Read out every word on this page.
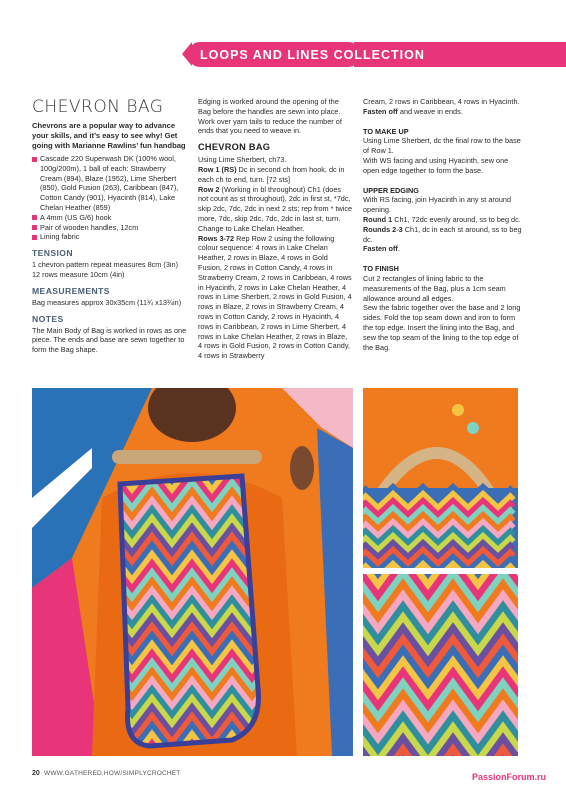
LOOPS AND LINES COLLECTION
CHEVRON BAG

Chevrons are a popular way to advance your skills, and it’s easy to see why! Get going with Marianne Rawlins’ fun handbag

Cascade 220 Superwash DK (100% wool, 100g/200m), 1 ball of each: Strawberry Cream (894), Blaze (1952), Lime Sherbert (850), Gold Fusion (263), Caribbean (847), Cotton Candy (901), Hyacinth (814), Lake Chelan Heather (859)
A 4mm (US G/6) hook
Pair of wooden handles, 12cm
Lining fabric
TENSION
1 chevron pattern repeat measures 8cm (3in)
12 rows measure 10cm (4in)
MEASUREMENTS
Bag measures approx 30x35cm (11¾ x13¾in)
NOTES
The Main Body of Bag is worked in rows as one piece. The ends and base are sewn together to form the Bag shape.

Edging is worked around the opening of the Bag before the handles are sewn into place. Work over yarn tails to reduce the number of ends that you need to weave in.

CHEVRON BAG
Using Lime Sherbert, ch73.
Row 1 (RS) Dc in second ch from hook, dc in each ch to end, turn. [72 sts]
Row 2 (Working in bl throughout) Ch1 (does not count as st throughout), 2dc in first st, *7dc, skip 2dc, 7dc, 2dc in next 2 sts; rep from * twice more, 7dc, skip 2dc, 7dc, 2dc in last st, turn. Change to Lake Chelan Heather.
Rows 3-72 Rep Row 2 using the following colour sequence: 4 rows in Lake Chelan Heather, 2 rows in Blaze, 4 rows in Gold Fusion, 2 rows in Cotton Candy, 4 rows in Strawberry Cream, 2 rows in Caribbean, 4 rows in Hyacinth, 2 rows in Lake Chelan Heather, 4 rows in Lime Sherbert, 2 rows in Gold Fusion, 4 rows in Blaze, 2 rows in Strawberry Cream, 4 rows in Cotton Candy, 2 rows in Hyacinth, 4 rows in Caribbean, 2 rows in Lime Sherbert, 4 rows in Lake Chelan Heather, 2 rows in Blaze, 4 rows in Gold Fusion, 2 rows in Cotton Candy, 4 rows in Strawberry
Cream, 2 rows in Caribbean, 4 rows in Hyacinth.
Fasten off and weave in ends.
TO MAKE UP
Using Lime Sherbert, dc the final row to the base of Row 1.
With WS facing and using Hyacinth, sew one open edge together to form the base.
UPPER EDGING
With RS facing, join Hyacinth in any st around opening.
Round 1 Ch1, 72dc evenly around, ss to beg dc.
Rounds 2-3 Ch1, dc in each st around, ss to beg dc.
Fasten off.
TO FINISH
Cut 2 rectangles of lining fabric to the measurements of the Bag, plus a 1cm seam allowance around all edges.
Sew the fabric together over the base and 2 long sides. Fold the top seam down and iron to form the top edge. Insert the lining into the Bag, and sew the top seam of the lining to the top edge of the Bag.
20 WWW.GATHERED.HOW/SIMPLYCROCHET	PassionForum.ru
